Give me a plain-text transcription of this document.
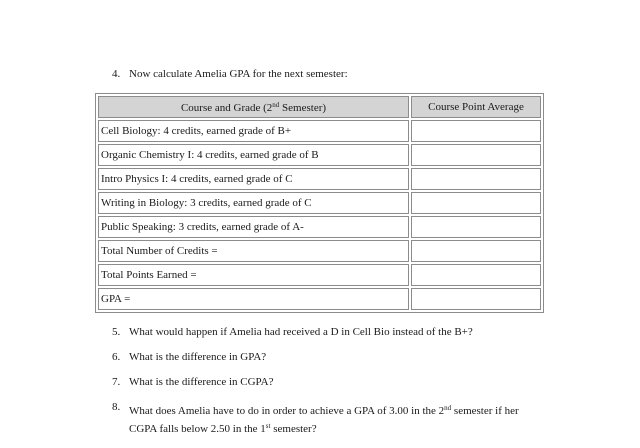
4. Now calculate Amelia GPA for the next semester:
Course and Grade (2nd Semester)	Course Point Average
Cell Biology: 4 credits, earned grade of B+	
Organic Chemistry I: 4 credits, earned grade of B	
Intro Physics I: 4 credits, earned grade of C	
Writing in Biology: 3 credits, earned grade of C	
Public Speaking: 3 credits, earned grade of A-	
Total Number of Credits =	
Total Points Earned =	
GPA =	
5. What would happen if Amelia had received a D in Cell Bio instead of the B+?
6. What is the difference in GPA?
7. What is the difference in CGPA?
8. What does Amelia have to do in order to achieve a GPA of 3.00 in the 2nd semester if her
CGPA falls below 2.50 in the 1st semester?
